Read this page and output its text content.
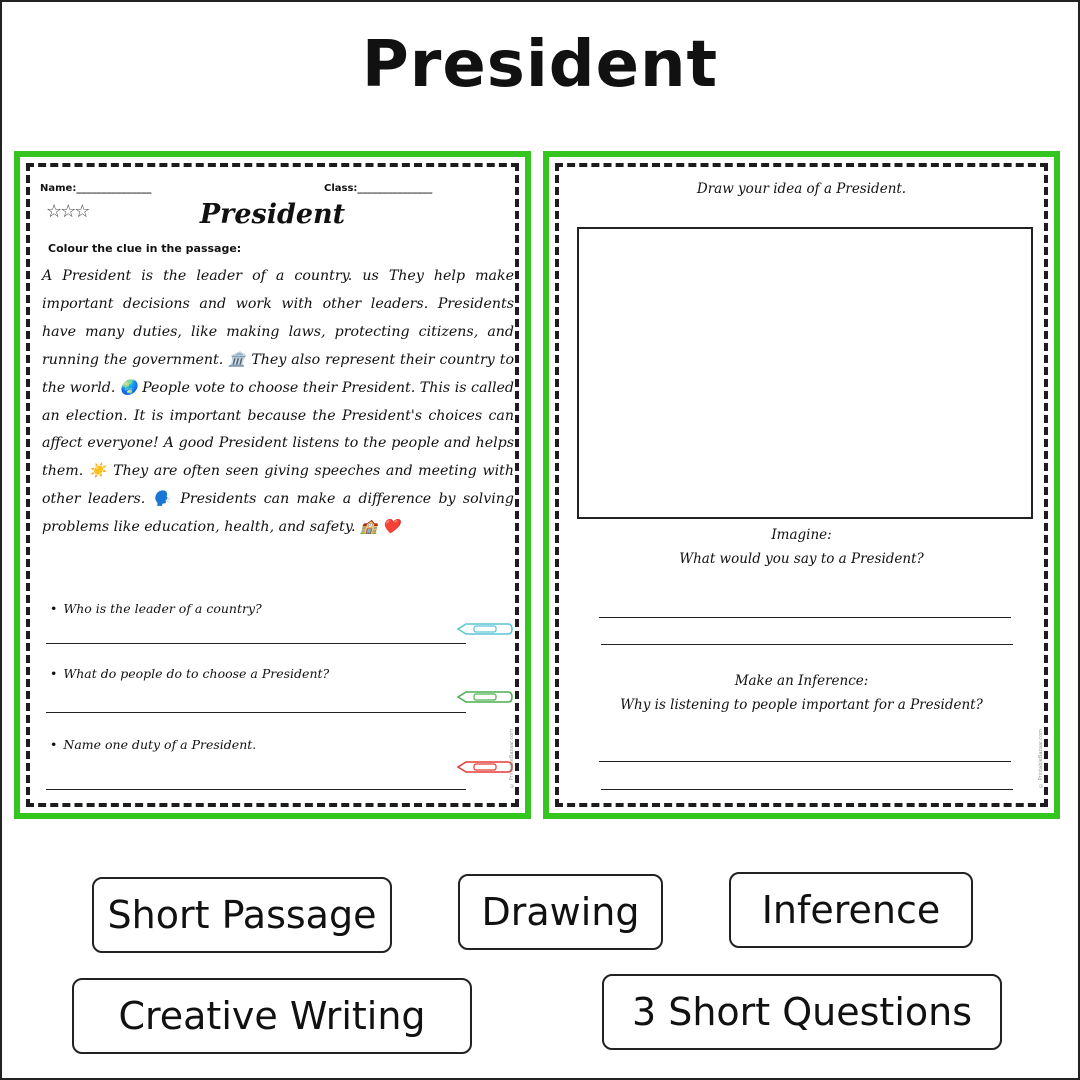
President
Name:_______________	Class:_______________
☆☆☆	President
Colour the clue in the passage:
A President is the leader of a country. us They help make important decisions and work with other leaders. Presidents have many duties, like making laws, protecting citizens, and running the government. 🏛️ They also represent their country to the world. 🌏 People vote to choose their President. This is called an election. It is important because the President's choices can affect everyone! A good President listens to the people and helps them. ☀️ They are often seen giving speeches and meeting with other leaders. 🗣️ Presidents can make a difference by solving problems like education, health, and safety. 🏫 ❤️
• Who is the leader of a country?
• What do people do to choose a President?
• Name one duty of a President.	© PrintableBazaar.com
Draw your idea of a President.
Imagine:
What would you say to a President?
Make an Inference:
Why is listening to people important for a President?
© PrintableBazaar.com
Short Passage	Drawing	Inference
Creative Writing	3 Short Questions
